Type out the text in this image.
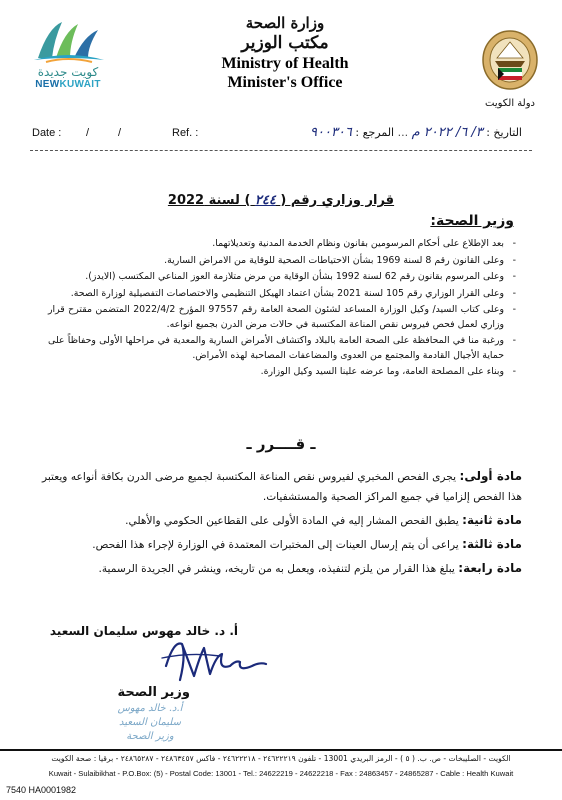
كويت جديدة
NEWKUWAIT
وزارة الصحة
مكتب الوزير
Ministry of Health
Minister's Office
دولة الكويت
Date : /	/	Ref. :	التاريخ : ٣/ ٦/ ٢٠٢٢ م ... المرجع : ٩٠٠٣٠٦
قرار وزاري رقم ( ٢٤٤ ) لسنة 2022
وزير الصحة:
- بعد الإطلاع على أحكام المرسومين بقانون ونظام الخدمة المدنية وتعديلاتهما.
- وعلى القانون رقم 8 لسنة 1969 بشأن الاحتياطات الصحية للوقاية من الامراض السارية.
- وعلى المرسوم بقانون رقم 62 لسنة 1992 بشأن الوقاية من مرض متلازمة العوز المناعي المكتسب (الايدز).
- وعلى القرار الوزاري رقم 105 لسنة 2021 بشأن اعتماد الهيكل التنظيمي والاختصاصات التفصيلية لوزارة الصحة.
- وعلى كتاب السيد/ وكيل الوزارة المساعد لشئون الصحة العامة رقم 97557 المؤرخ 2022/4/2 المتضمن مقترح قرار وزاري لعمل فحص فيروس نقص المناعة المكتسبة في حالات مرض الدرن بجميع انواعه.
- ورغبة منا في المحافظة على الصحة العامة بالبلاد واكتشاف الأمراض السارية والمعدية في مراحلها الأولى وحفاظاً على حماية الأجيال القادمة والمجتمع من العدوى والمضاعفات المصاحبة لهذه الأمراض.
- وبناء على المصلحة العامة، وما عرضه علينا السيد وكيل الوزارة.
ـ قــــرر ـ
مادة أولى: يجرى الفحص المخبري لفيروس نقص المناعة المكتسبة لجميع مرضى الدرن بكافة أنواعه ويعتبر هذا الفحص إلزاميا في جميع المراكز الصحية والمستشفيات.
مادة ثانية: يطبق الفحص المشار إليه في المادة الأولى على القطاعين الحكومي والأهلي.
مادة ثالثة: يراعى أن يتم إرسال العينات إلى المختبرات المعتمدة في الوزارة لإجراء هذا الفحص.
مادة رابعة: يبلغ هذا القرار من يلزم لتنفيذه، ويعمل به من تاريخه، وينشر في الجريدة الرسمية.
أ. د. خالد مهوس سليمان السعيد
وزير الصحة
أ.د. خالد مهوس سليمان السعيد
وزير الصحة
الكويت - الصليبخات - ص. ب. ( ٥ ) - الرمز البريدي 13001 - تلفون ٢٤٦٢٢٢١٩ - ٢٤٦٢٢٢١٨ - فاكس ٢٤٨٦٣٤٥٧ - ٢٤٨٦٥٢٨٧ - برقيا : صحة الكويت
Kuwait - Sulaibikhat - P.O.Box: (5) - Postal Code: 13001 - Tel.: 24622219 - 24622218 - Fax : 24863457 - 24865287 - Cable : Health Kuwait
7540 HA0001982
